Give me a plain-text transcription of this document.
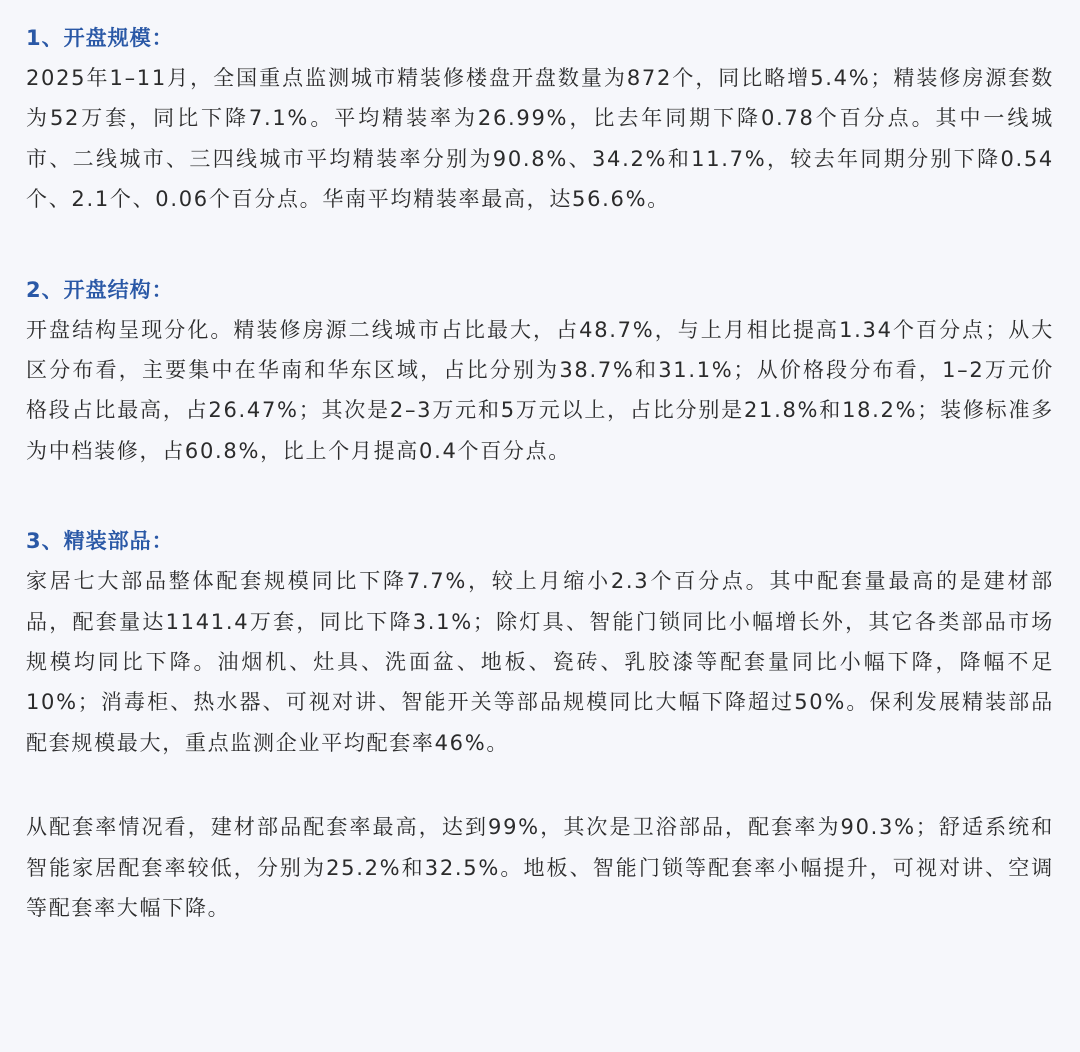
1、开盘规模：

2025年1–11月，全国重点监测城市精装修楼盘开盘数量为872个，同比略增5.4%；精装修房源套数为52万套，同比下降7.1%。平均精装率为26.99%，比去年同期下降0.78个百分点。其中一线城市、二线城市、三四线城市平均精装率分别为90.8%、34.2%和11.7%，较去年同期分别下降0.54个、2.1个、0.06个百分点。华南平均精装率最高，达56.6%。

2、开盘结构：

开盘结构呈现分化。精装修房源二线城市占比最大，占48.7%，与上月相比提高1.34个百分点；从大区分布看，主要集中在华南和华东区域，占比分别为38.7%和31.1%；从价格段分布看，1–2万元价格段占比最高，占26.47%；其次是2–3万元和5万元以上，占比分别是21.8%和18.2%；装修标准多为中档装修，占60.8%，比上个月提高0.4个百分点。

3、精装部品：

家居七大部品整体配套规模同比下降7.7%，较上月缩小2.3个百分点。其中配套量最高的是建材部品，配套量达1141.4万套，同比下降3.1%；除灯具、智能门锁同比小幅增长外，其它各类部品市场规模均同比下降。油烟机、灶具、洗面盆、地板、瓷砖、乳胶漆等配套量同比小幅下降，降幅不足10%；消毒柜、热水器、可视对讲、智能开关等部品规模同比大幅下降超过50%。保利发展精装部品配套规模最大，重点监测企业平均配套率46%。

从配套率情况看，建材部品配套率最高，达到99%，其次是卫浴部品，配套率为90.3%；舒适系统和智能家居配套率较低，分别为25.2%和32.5%。地板、智能门锁等配套率小幅提升，可视对讲、空调等配套率大幅下降。
